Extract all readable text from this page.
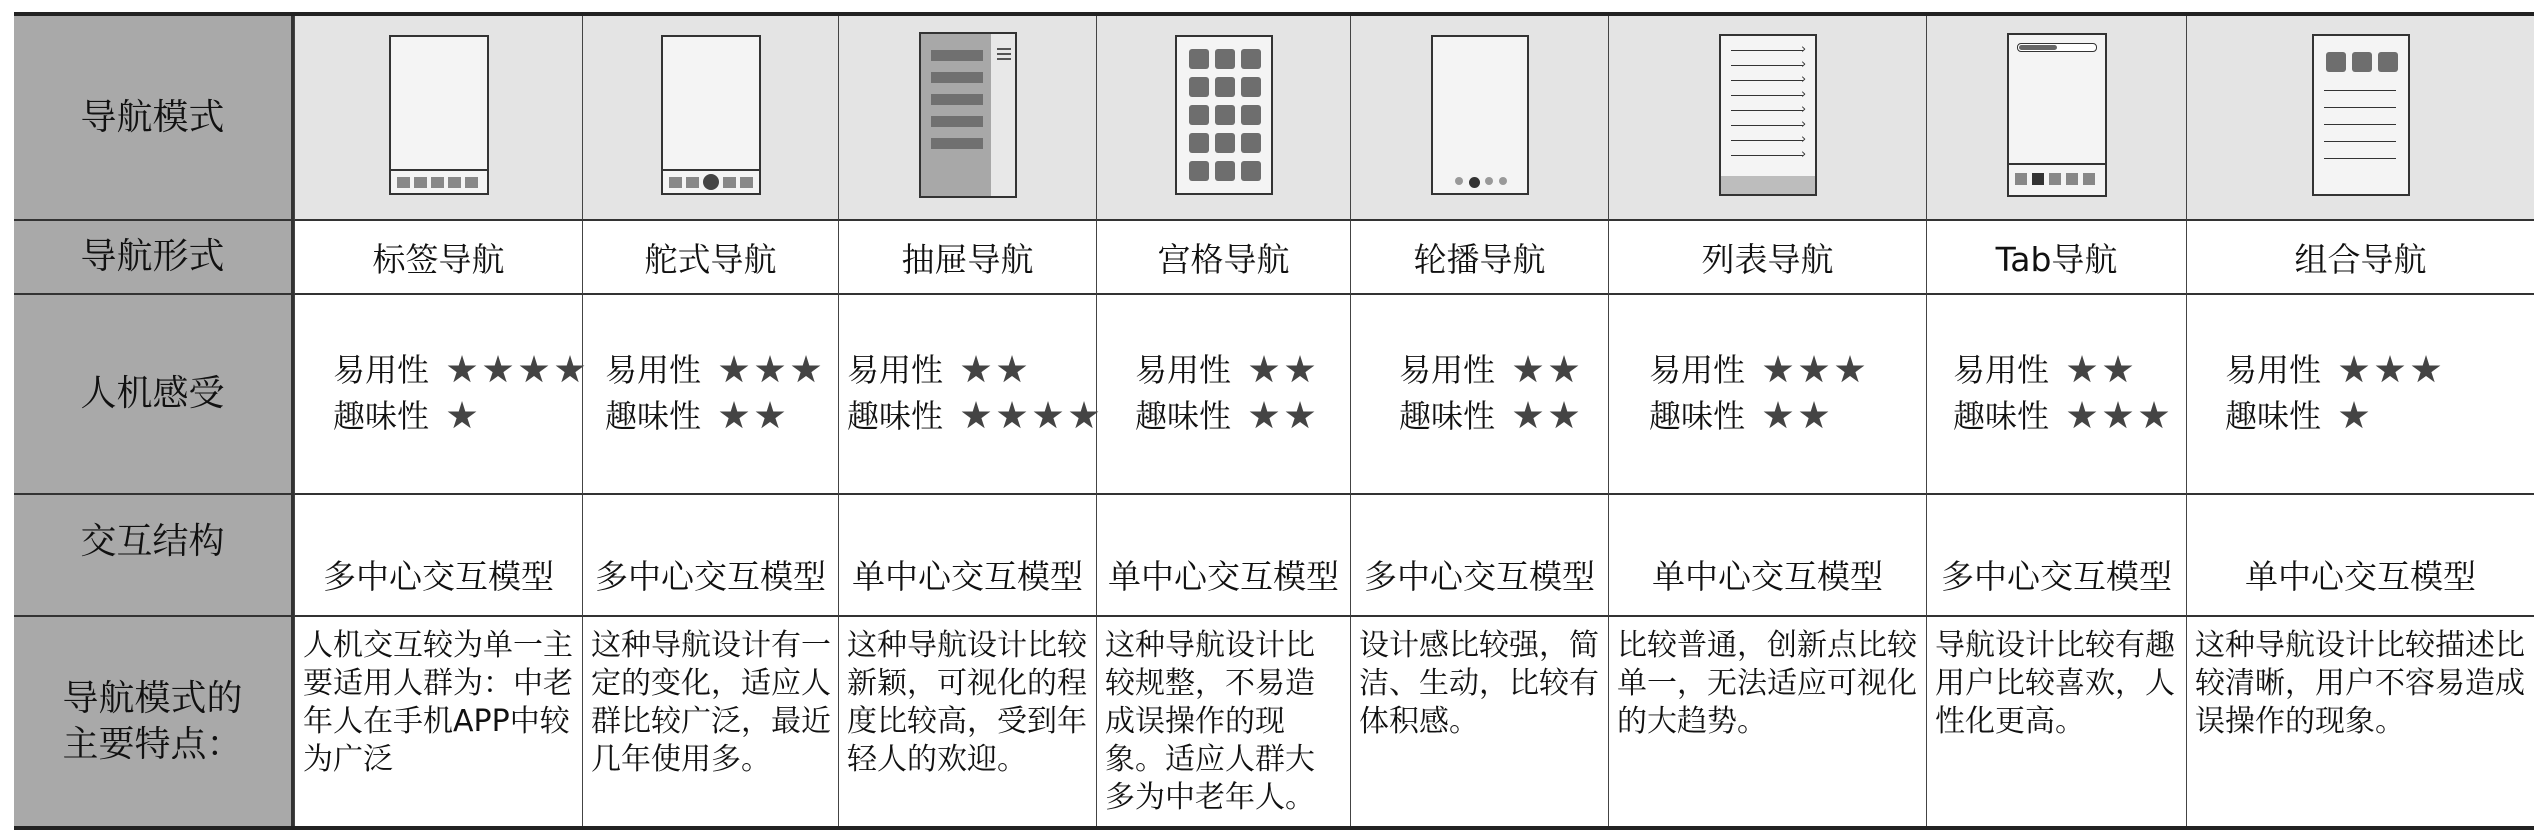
导航模式
导航形式
人机感受
交互结构
导航模式的
主要特点：
标签导航
易用性
趣味性
多中心交互模型
人机交互较为单一主要适用人群为：中老年人在手机APP中较为广泛
舵式导航
易用性
趣味性
多中心交互模型
这种导航设计有一定的变化，适应人群比较广泛，最近几年使用多。
抽屉导航
易用性
趣味性
单中心交互模型
这种导航设计比较新颖，可视化的程度比较高，受到年轻人的欢迎。
宫格导航
易用性
趣味性
单中心交互模型
这种导航设计比较规整，不易造成误操作的现象。适应人群大多为中老年人。
轮播导航
易用性
趣味性
多中心交互模型
设计感比较强，简洁、生动，比较有体积感。
›
›
›
›
›
›
›
›
列表导航
易用性
趣味性
单中心交互模型
比较普通，创新点比较单一，无法适应可视化的大趋势。
Tab导航
易用性
趣味性
多中心交互模型
导航设计比较有趣用户比较喜欢，人性化更高。
组合导航
易用性
趣味性
单中心交互模型
这种导航设计比较描述比较清晰，用户不容易造成误操作的现象。
